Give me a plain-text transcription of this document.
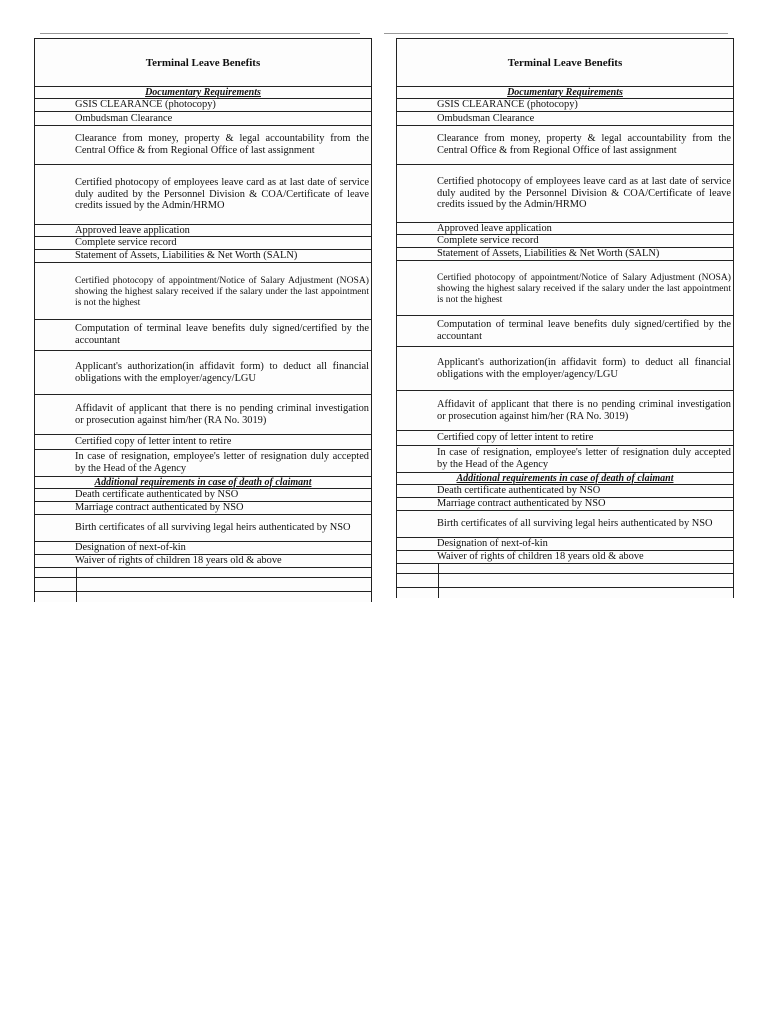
Terminal Leave Benefits
Documentary Requirements
GSIS CLEARANCE (photocopy)
Ombudsman Clearance
Clearance from money, property & legal accountability from the Central Office & from Regional Office of last assignment
Certified photocopy of employees leave card as at last date of service duly audited by the Personnel Division & COA/Certificate of leave credits issued by the Admin/HRMO
Approved leave application
Complete service record
Statement of Assets, Liabilities & Net Worth (SALN)
Certified photocopy of appointment/Notice of Salary Adjustment (NOSA) showing the highest salary received if the salary under the last appointment is not the highest
Computation of terminal leave benefits duly signed/certified by the accountant
Applicant's authorization(in affidavit form) to deduct all financial obligations with the employer/agency/LGU
Affidavit of applicant that there is no pending criminal investigation or prosecution against him/her (RA No. 3019)
Certified copy of letter intent to retire
In case of resignation, employee's letter of resignation duly accepted by the Head of the Agency
Additional requirements in case of death of claimant
Death certificate authenticated by NSO
Marriage contract authenticated by NSO
Birth certificates of all surviving legal heirs authenticated by NSO
Designation of next-of-kin
Waiver of rights of children 18 years old & above
Terminal Leave Benefits
Documentary Requirements
GSIS CLEARANCE (photocopy)
Ombudsman Clearance
Clearance from money, property & legal accountability from the Central Office & from Regional Office of last assignment
Certified photocopy of employees leave card as at last date of service duly audited by the Personnel Division & COA/Certificate of leave credits issued by the Admin/HRMO
Approved leave application
Complete service record
Statement of Assets, Liabilities & Net Worth (SALN)
Certified photocopy of appointment/Notice of Salary Adjustment (NOSA) showing the highest salary received if the salary under the last appointment is not the highest
Computation of terminal leave benefits duly signed/certified by the accountant
Applicant's authorization(in affidavit form) to deduct all financial obligations with the employer/agency/LGU
Affidavit of applicant that there is no pending criminal investigation or prosecution against him/her (RA No. 3019)
Certified copy of letter intent to retire
In case of resignation, employee's letter of resignation duly accepted by the Head of the Agency
Additional requirements in case of death of claimant
Death certificate authenticated by NSO
Marriage contract authenticated by NSO
Birth certificates of all surviving legal heirs authenticated by NSO
Designation of next-of-kin
Waiver of rights of children 18 years old & above
